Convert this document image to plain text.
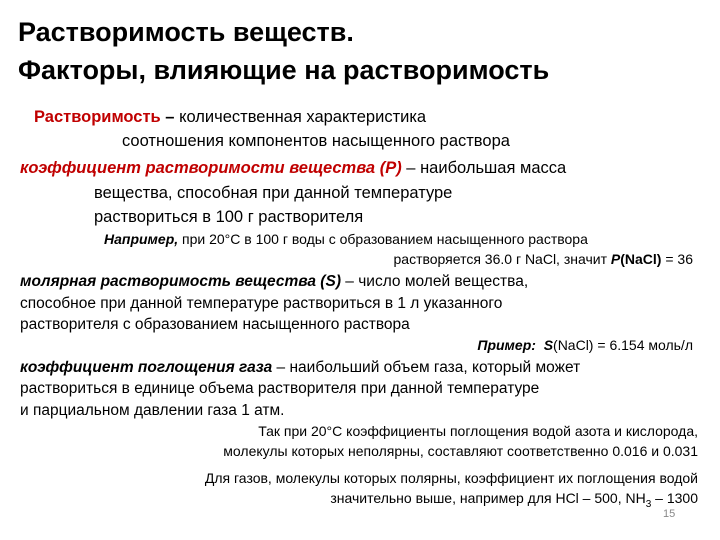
Растворимость веществ.
Факторы, влияющие на растворимость
Растворимость – количественная характеристика
соотношения компонентов насыщенного раствора
коэффициент растворимости вещества (P) – наибольшая масса
вещества, способная при данной температуре
раствориться в 100 г растворителя
Например, при 20°C в 100 г воды с образованием насыщенного раствора
растворяется 36.0 г NaCl, значит P(NaCl) = 36
молярная растворимость вещества (S) – число молей вещества,
способное при данной температуре раствориться в 1 л указанного
растворителя с образованием насыщенного раствора
Пример: S(NaCl) = 6.154 моль/л
коэффициент поглощения газа – наибольший объем газа, который может
раствориться в единице объема растворителя при данной температуре
и парциальном давлении газа 1 атм.
Так при 20°C коэффициенты поглощения водой азота и кислорода,
молекулы которых неполярны, составляют соответственно 0.016 и 0.031
Для газов, молекулы которых полярны, коэффициент их поглощения водой
значительно выше, например для HCl – 500, $NH_3 - 1300$
15
